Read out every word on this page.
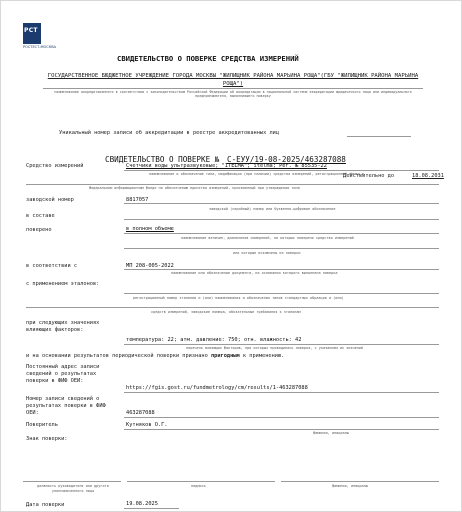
PCT
РОСТЕСТ-МОСКВА
СВИДЕТЕЛЬСТВО О ПОВЕРКЕ СРЕДСТВА ИЗМЕРЕНИЙ
ГОСУДАРСТВЕННОЕ БЮДЖЕТНОЕ УЧРЕЖДЕНИЕ ГОРОДА МОСКВЫ "ЖИЛИЩНИК РАЙОНА МАРЬИНА РОЩА"(ГБУ "ЖИЛИЩНИК РАЙОНА МАРЬИНА РОЩА")
наименование аккредитованного в соответствии с законодательством Российской Федерации об аккредитации в национальной системе аккредитации юридического лица или индивидуального предпринимателя, выполнившего поверку
Уникальный номер записи об аккредитации в реестре аккредитованных лиц
СВИДЕТЕЛЬСТВО О ПОВЕРКЕ № С-ЕУУ/19-08-2025/463287088
Действительно до	18.08.2031
Средство измерений	Счетчики воды ультразвуковые; "ITELMA"; itelma; Рег. № 85535-22
наименование и обозначение типа, модификация (при наличии) средства измерений, регистрационный номер в
Федеральном информационном фонде по обеспечению единства измерений, присвоенный при утверждении типа
заводской номер	8817057
заводской (серийный) номер или буквенно-цифровое обозначение
в составе
поверено	в полном объеме
наименование величин, диапазонов измерений, на которых поверено средство измерений
или которые исключены из поверки
в соответствии с	МП 208-005-2022
наименование или обозначение документа, на основании которого выполнена поверка
с применением эталонов:
регистрационный номер эталонов и (или) наименования и обозначения типов стандартных образцов и (или)
средств измерений, заводские номера, обязательные требования к эталонам
при следующих значениях влияющих факторов:
температура: 22; атм. давление: 750; отн. влажность: 42
перечень влияющих факторов, при которых проводилась поверка, с указанием их значений
и на основании результатов периодической поверки признано пригодным к применению.
Постоянный адрес записи сведений о результатах поверки в ФИФ ОЕИ:
https://fgis.gost.ru/fundmetrology/cm/results/1-463287088
Номер записи сведений о результатах поверки в ФИФ ОЕИ:	463287088
Поверитель	Кутняков О.Г.
фамилия, инициалы
Знак поверки:
должность руководителя или другого уполномоченного лица
подпись	фамилия, инициалы
Дата поверки	19.08.2025
